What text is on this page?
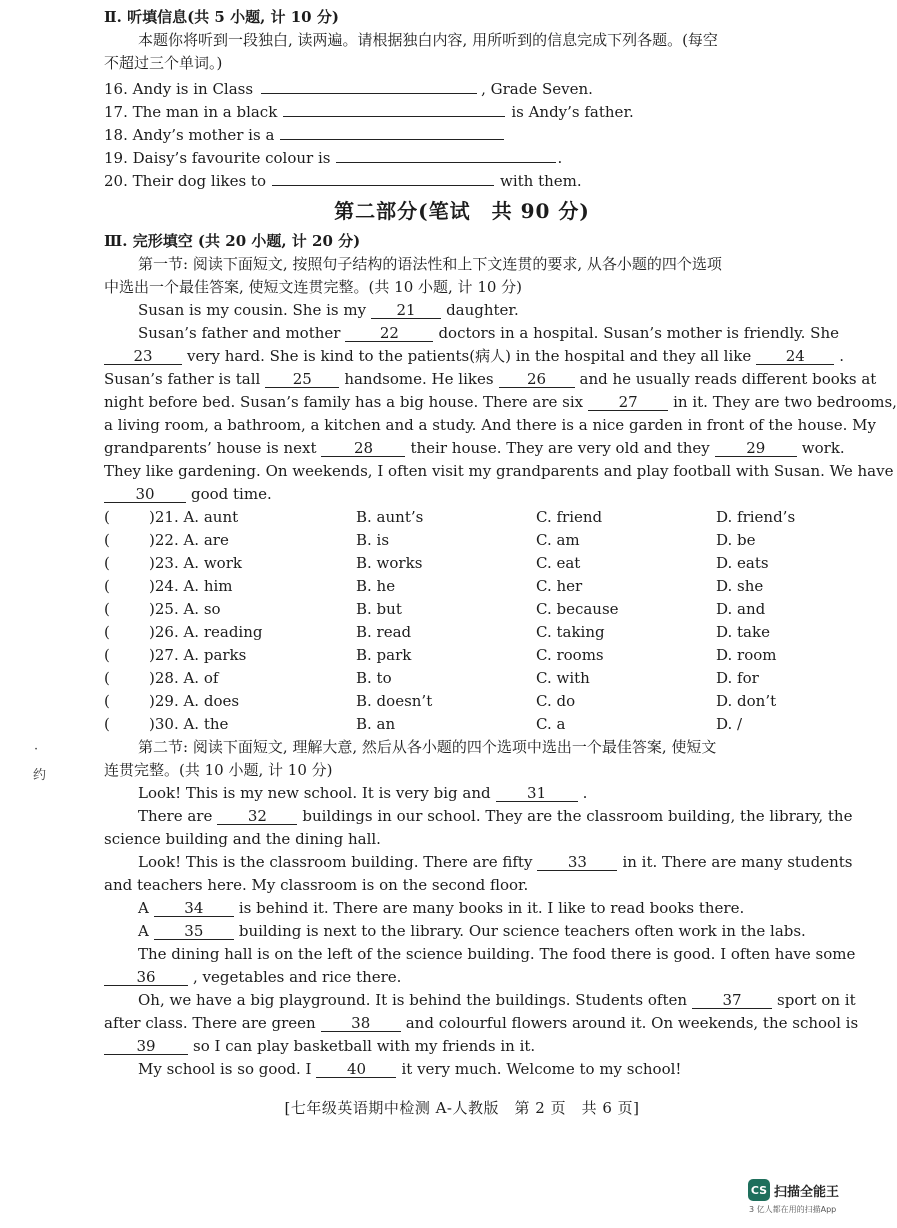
·
约
Ⅱ. 听填信息(共 5 小题, 计 10 分)
本题你将听到一段独白, 读两遍。请根据独白内容, 用所听到的信息完成下列各题。(每空
不超过三个单词。)
16. Andy is in Class	, Grade Seven.
17. The man in a black	is Andy’s father.
18. Andy’s mother is a
19. Daisy’s favourite colour is	.
20. Their dog likes to	with them.
第二部分(笔试　共 90 分)
Ⅲ. 完形填空 (共 20 小题, 计 20 分)
第一节: 阅读下面短文, 按照句子结构的语法性和上下文连贯的要求, 从各小题的四个选项
中选出一个最佳答案, 使短文连贯完整。(共 10 小题, 计 10 分)
Susan is my cousin. She is my 21 daughter.
Susan’s father and mother	22	doctors in a hospital. Susan’s mother is friendly. She
23 very hard. She is kind to the patients(病人) in the hospital and they all like 24 .
Susan’s father is tall 25 handsome. He likes 26 and he usually reads different books at
night before bed. Susan’s family has a big house. There are six 27 in it. They are two bedrooms,
a living room, a bathroom, a kitchen and a study. And there is a nice garden in front of the house. My
grandparents’ house is next 28 their house. They are very old and they 29 work.
They like gardening. On weekends, I often visit my grandparents and play football with Susan. We have
30 good time.
(	)21. A. aunt	B. aunt’s	C. friend	D. friend’s
(	)22. A. are	B. is	C. am	D. be
(	)23. A. work	B. works	C. eat	D. eats
(	)24. A. him	B. he	C. her	D. she
(	)25. A. so	B. but	C. because	D. and
(	)26. A. reading	B. read	C. taking	D. take
(	)27. A. parks	B. park	C. rooms	D. room
(	)28. A. of	B. to	C. with	D. for
(	)29. A. does	B. doesn’t	C. do	D. don’t
(	)30. A. the	B. an	C. a	D. /
第二节: 阅读下面短文, 理解大意, 然后从各小题的四个选项中选出一个最佳答案, 使短文
连贯完整。(共 10 小题, 计 10 分)
Look! This is my new school. It is very big and 31 .
There are 32 buildings in our school. They are the classroom building, the library, the
science building and the dining hall.
Look! This is the classroom building. There are fifty 33 in it. There are many students
and teachers here. My classroom is on the second floor.
A 34 is behind it. There are many books in it. I like to read books there.
A 35 building is next to the library. Our science teachers often work in the labs.
The dining hall is on the left of the science building. The food there is good. I often have some
36 , vegetables and rice there.
Oh, we have a big playground. It is behind the buildings. Students often 37 sport on it
after class. There are green 38 and colourful flowers around it. On weekends, the school is
39 so I can play basketball with my friends in it.
My school is so good. I 40 it very much. Welcome to my school!
[七年级英语期中检测 A-人教版　第 2 页　共 6 页]
CS 扫描全能王
3 亿人都在用的扫描App
